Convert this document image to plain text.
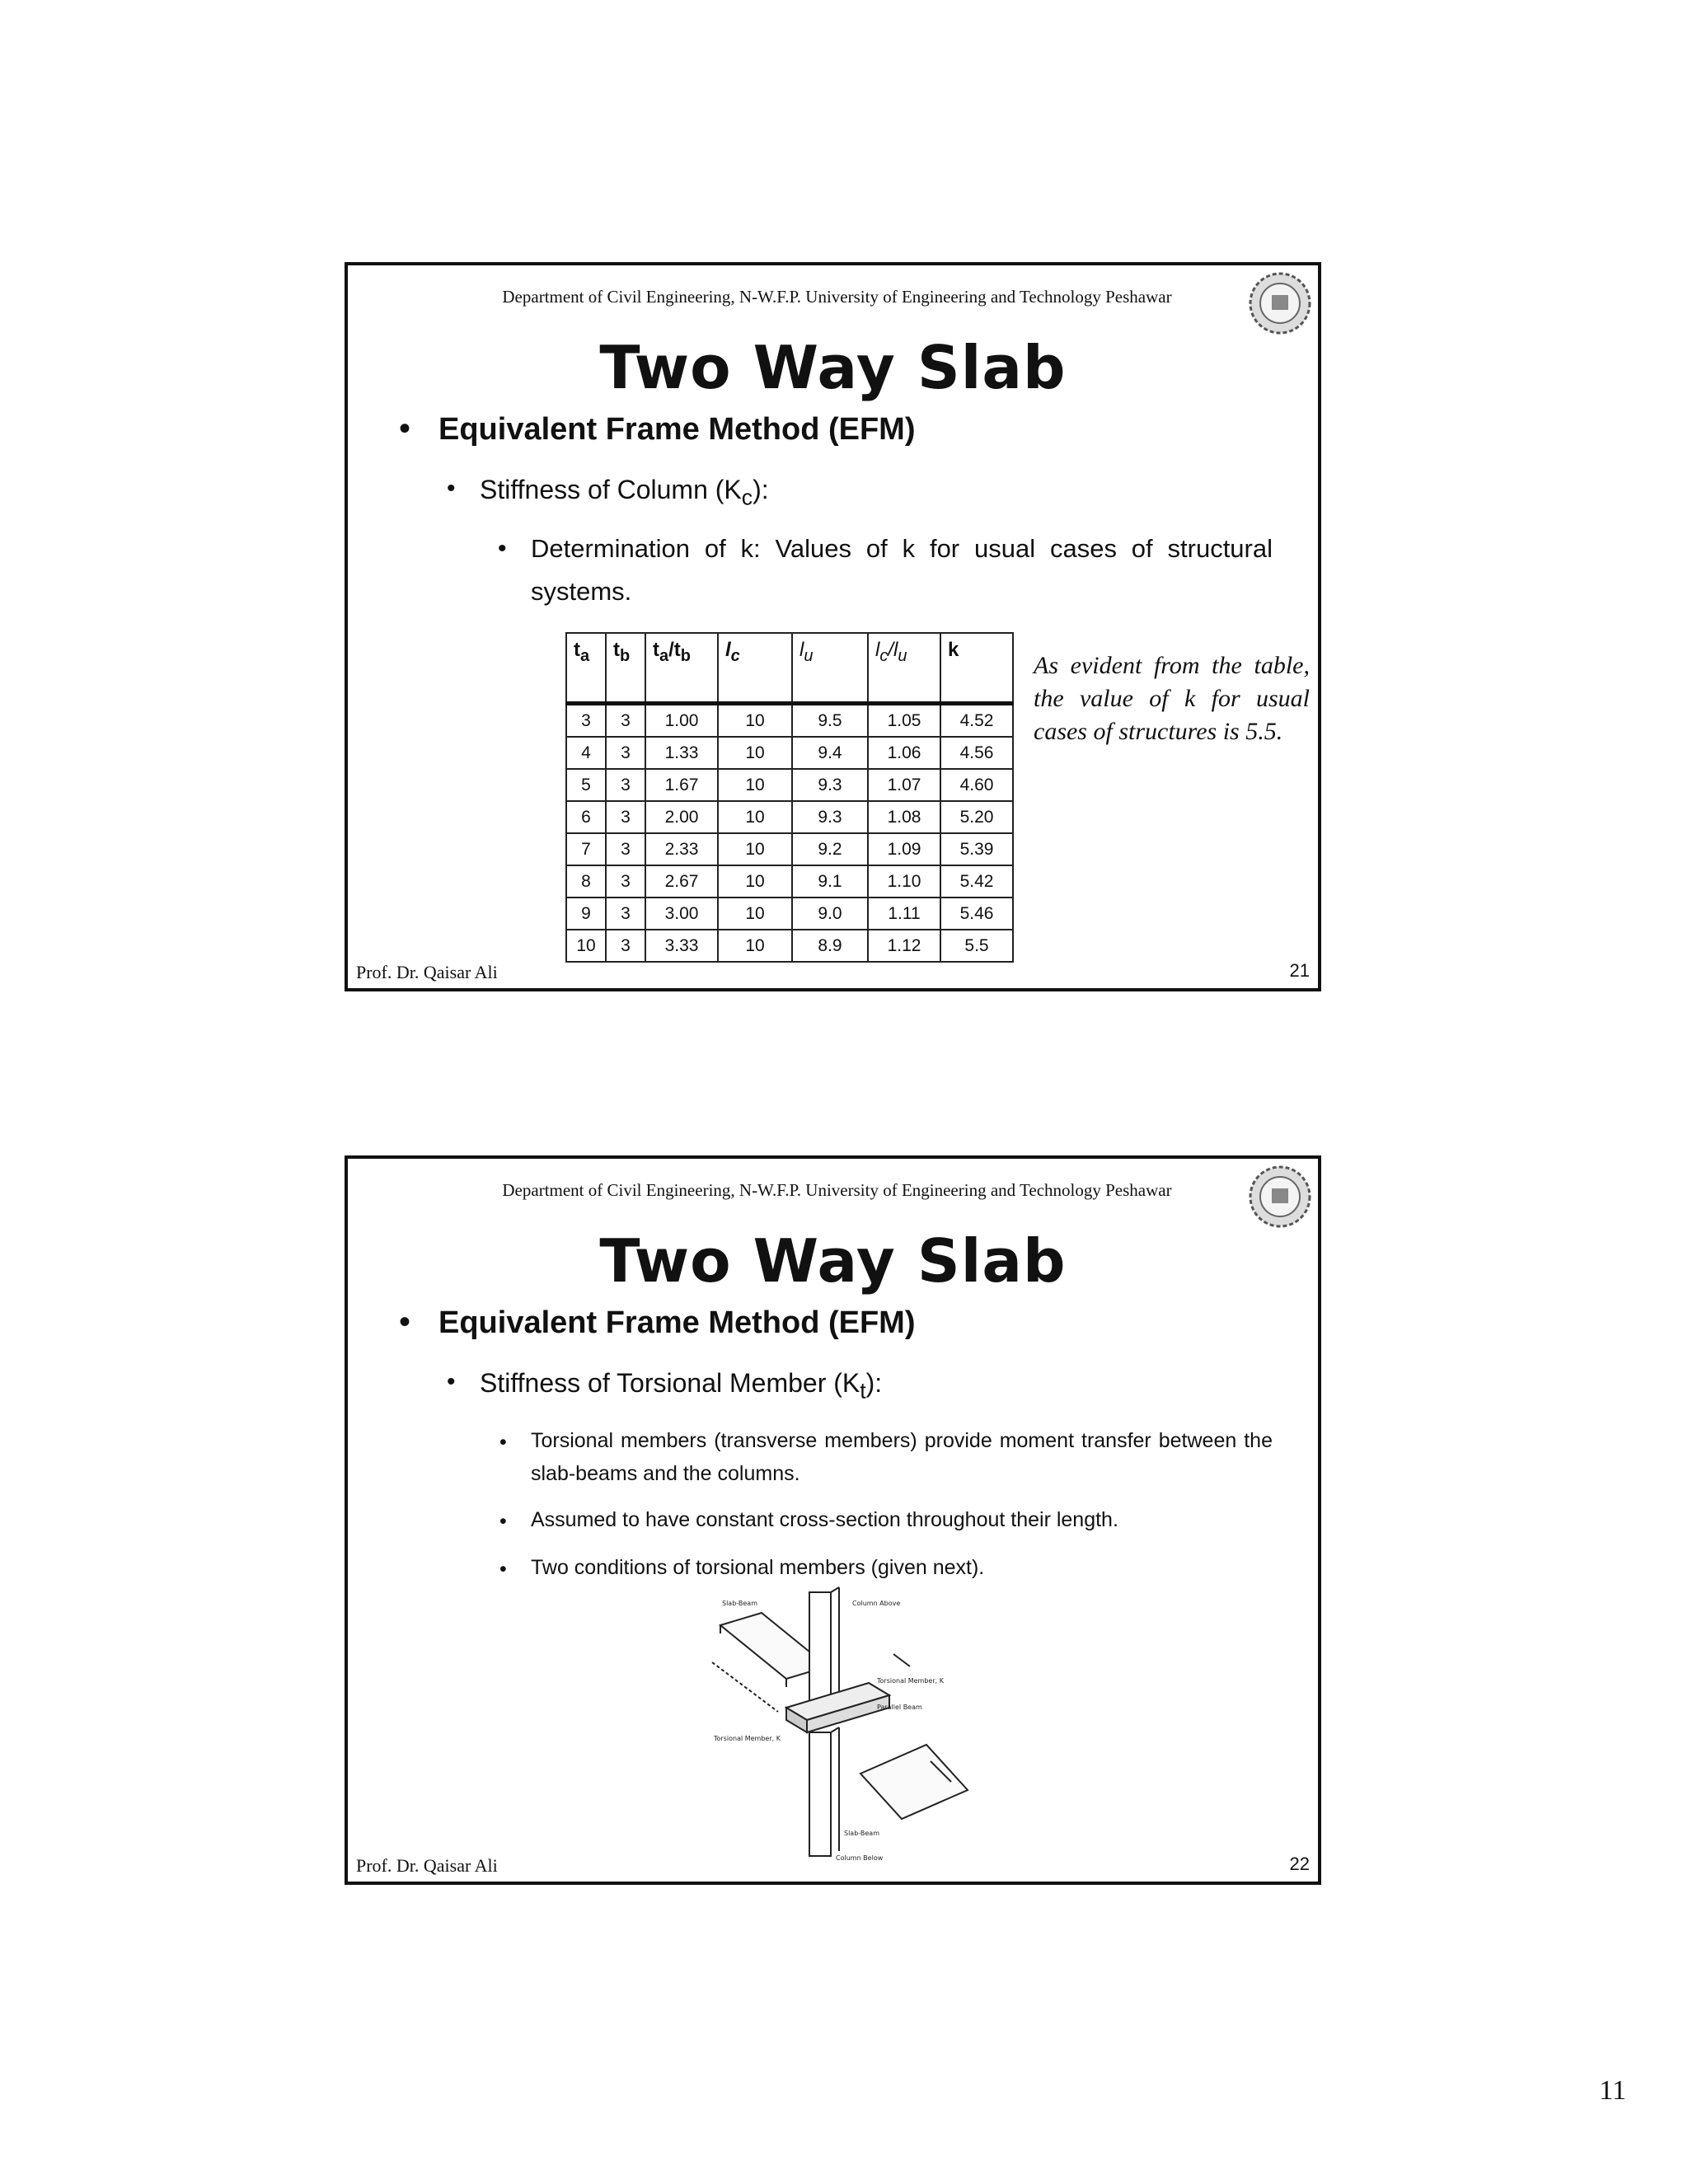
Department of Civil Engineering, N-W.F.P. University of Engineering and Technology Peshawar
Two Way Slab
• Equivalent Frame Method (EFM)
• Stiffness of Column $(K_c)$:
• Determination of k: Values of k for usual cases of structural
systems.
$t_a$	$t_b$	$t_a/t_b$	$l_c$	$l_u$	$l_c/l_u$	k
3	3	1.00	10	9.5	1.05	4.52
4	3	1.33	10	9.4	1.06	4.56
5	3	1.67	10	9.3	1.07	4.60
6	3	2.00	10	9.3	1.08	5.20
7	3	2.33	10	9.2	1.09	5.39
8	3	2.67	10	9.1	1.10	5.42
9	3	3.00	10	9.0	1.11	5.46
10	3	3.33	10	8.9	1.12	5.5
As evident from the table, the value of k for usual cases of structures is 5.5.
Prof. Dr. Qaisar Ali	21
Department of Civil Engineering, N-W.F.P. University of Engineering and Technology Peshawar
Two Way Slab
• Equivalent Frame Method (EFM)
• Stiffness of Torsional Member $(K_t)$:
• Torsional members (transverse members) provide moment transfer between the slab-beams and the columns.
• Assumed to have constant cross-section throughout their length.
• Two conditions of torsional members (given next).
Slab-Beam	Column Above
Torsional Member, K
Parallel Beam
Torsional Member, K
Slab-Beam
Column Below
Prof. Dr. Qaisar Ali	22
11
